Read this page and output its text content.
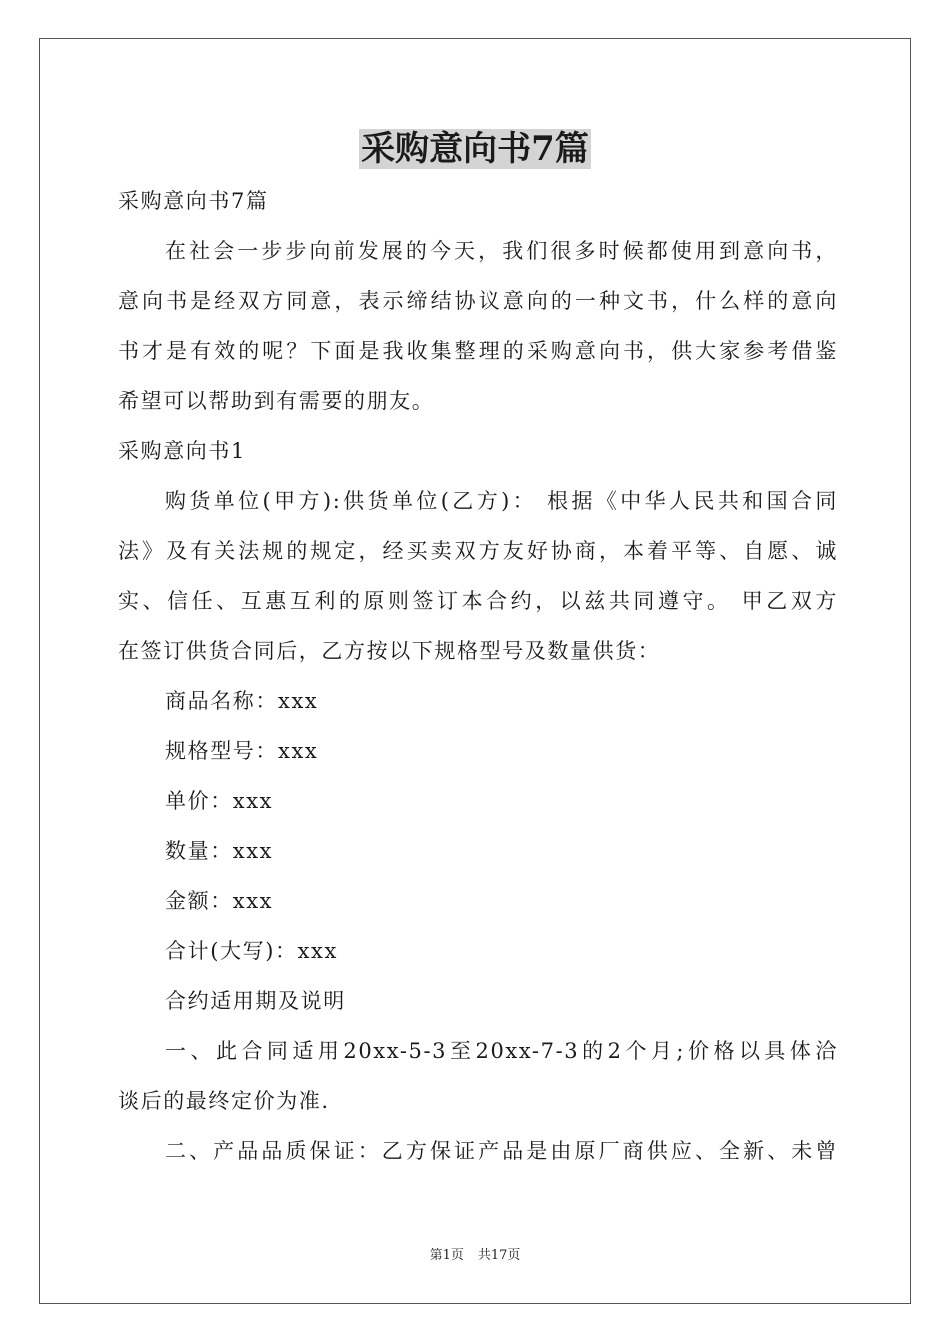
采购意向书7篇

采购意向书7篇

在社会一步步向前发展的今天，我们很多时候都使用到意向书，

意向书是经双方同意，表示缔结协议意向的一种文书，什么样的意向

书才是有效的呢？下面是我收集整理的采购意向书，供大家参考借鉴

希望可以帮助到有需要的朋友。

采购意向书1

购货单位(甲方):供货单位(乙方)： 根据《中华人民共和国合同

法》及有关法规的规定，经买卖双方友好协商，本着平等、自愿、诚

实、信任、互惠互利的原则签订本合约，以兹共同遵守。 甲乙双方

在签订供货合同后，乙方按以下规格型号及数量供货：

商品名称：xxx

规格型号：xxx

单价：xxx

数量：xxx

金额：xxx

合计(大写)：xxx

合约适用期及说明

一、此合同适用20xx-5-3至20xx-7-3的2个月;价格以具体洽

谈后的最终定价为准.

二、产品品质保证：乙方保证产品是由原厂商供应、全新、未曾

第1页 共17页
